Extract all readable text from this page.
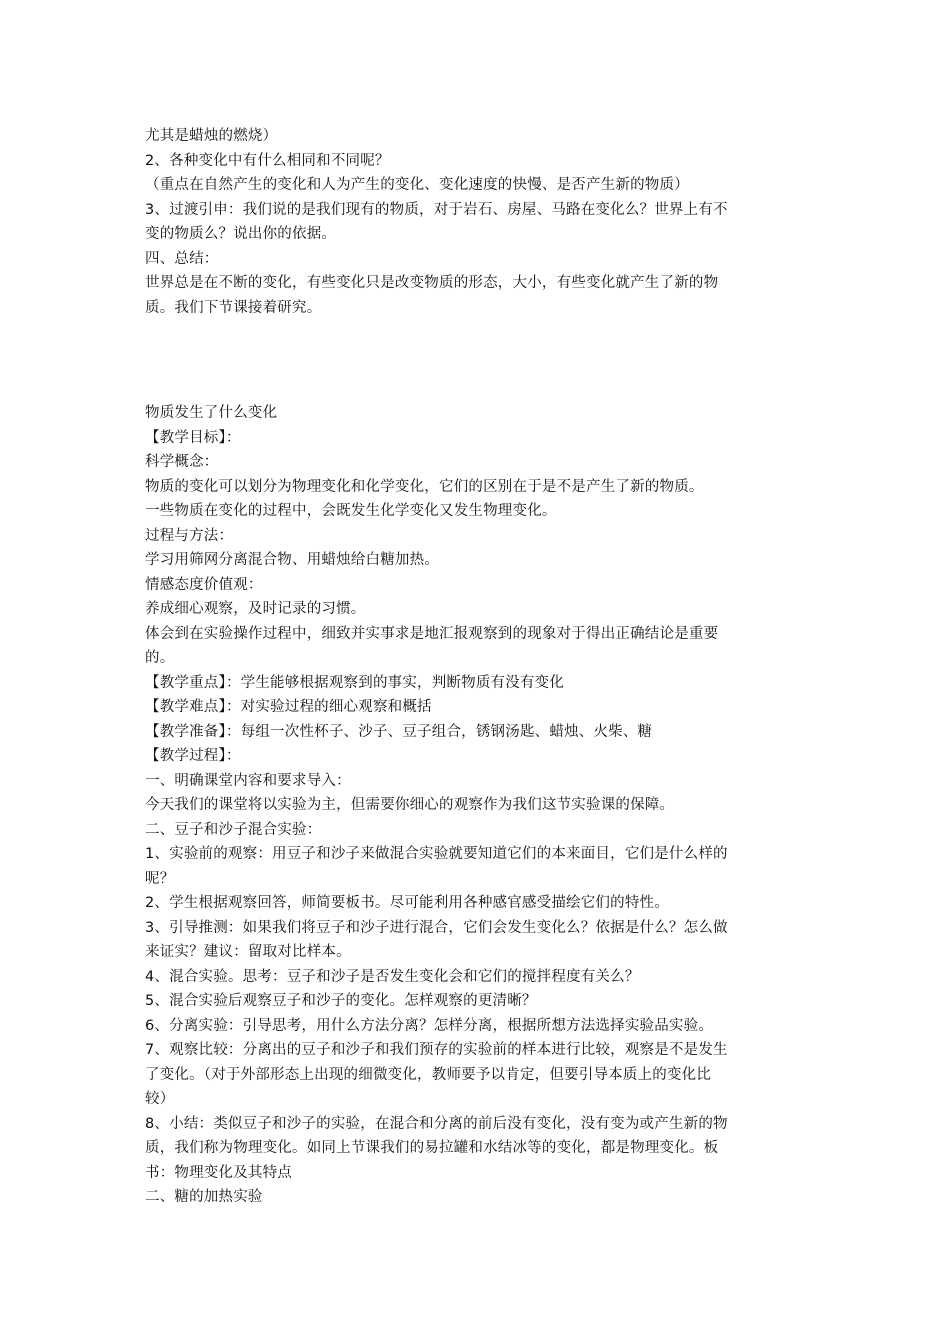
尤其是蜡烛的燃烧）
2、各种变化中有什么相同和不同呢？
（重点在自然产生的变化和人为产生的变化、变化速度的快慢、是否产生新的物质）
3、过渡引申：我们说的是我们现有的物质，对于岩石、房屋、马路在变化么？世界上有不
变的物质么？说出你的依据。
四、总结：
世界总是在不断的变化，有些变化只是改变物质的形态，大小，有些变化就产生了新的物
质。我们下节课接着研究。
物质发生了什么变化
【教学目标】：
科学概念：
物质的变化可以划分为物理变化和化学变化，它们的区别在于是不是产生了新的物质。
一些物质在变化的过程中，会既发生化学变化又发生物理变化。
过程与方法：
学习用筛网分离混合物、用蜡烛给白糖加热。
情感态度价值观：
养成细心观察，及时记录的习惯。
体会到在实验操作过程中，细致并实事求是地汇报观察到的现象对于得出正确结论是重要
的。
【教学重点】：学生能够根据观察到的事实，判断物质有没有变化
【教学难点】：对实验过程的细心观察和概括
【教学准备】：每组一次性杯子、沙子、豆子组合，锈钢汤匙、蜡烛、火柴、糖
【教学过程】：
一、明确课堂内容和要求导入：
今天我们的课堂将以实验为主，但需要你细心的观察作为我们这节实验课的保障。
二、豆子和沙子混合实验：
1、实验前的观察：用豆子和沙子来做混合实验就要知道它们的本来面目，它们是什么样的
呢？
2、学生根据观察回答，师简要板书。尽可能利用各种感官感受描绘它们的特性。
3、引导推测：如果我们将豆子和沙子进行混合，它们会发生变化么？依据是什么？怎么做
来证实？建议：留取对比样本。
4、混合实验。思考：豆子和沙子是否发生变化会和它们的搅拌程度有关么？
5、混合实验后观察豆子和沙子的变化。怎样观察的更清晰？
6、分离实验：引导思考，用什么方法分离？怎样分离，根据所想方法选择实验品实验。
7、观察比较：分离出的豆子和沙子和我们预存的实验前的样本进行比较，观察是不是发生
了变化。（对于外部形态上出现的细微变化，教师要予以肯定，但要引导本质上的变化比
较）
8、小结：类似豆子和沙子的实验，在混合和分离的前后没有变化，没有变为或产生新的物
质，我们称为物理变化。如同上节课我们的易拉罐和水结冰等的变化，都是物理变化。板
书：物理变化及其特点
二、糖的加热实验
